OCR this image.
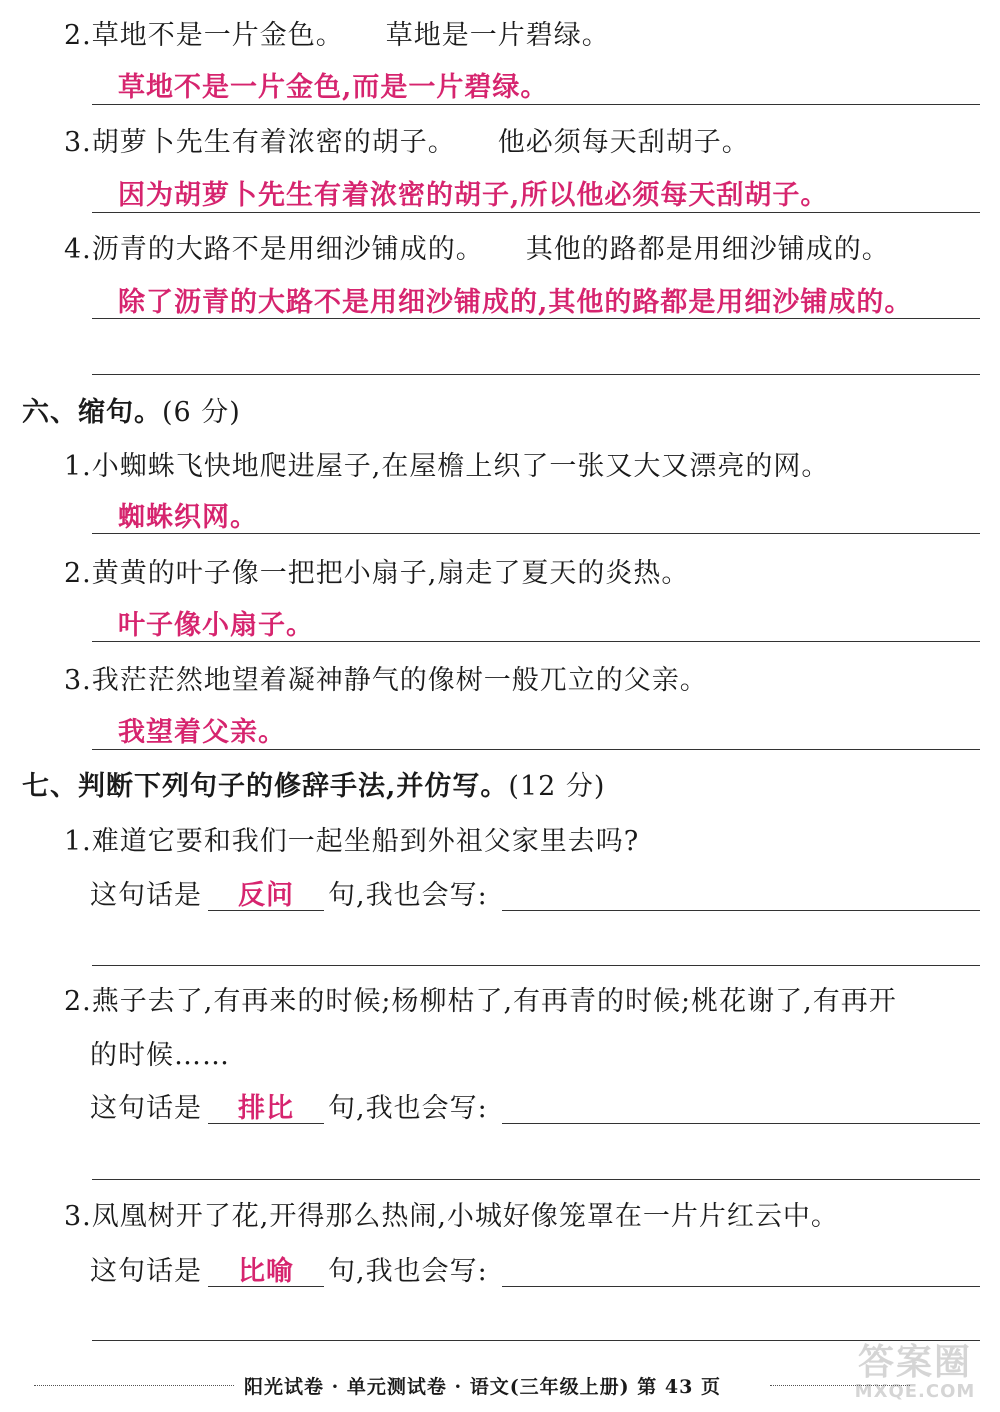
2.草地不是一片金色。 草地是一片碧绿。
草地不是一片金色,而是一片碧绿。
3.胡萝卜先生有着浓密的胡子。 他必须每天刮胡子。
因为胡萝卜先生有着浓密的胡子,所以他必须每天刮胡子。
4.沥青的大路不是用细沙铺成的。 其他的路都是用细沙铺成的。
除了沥青的大路不是用细沙铺成的,其他的路都是用细沙铺成的。
六、缩句。(6 分)
1.小蜘蛛飞快地爬进屋子,在屋檐上织了一张又大又漂亮的网。
蜘蛛织网。
2.黄黄的叶子像一把把小扇子,扇走了夏天的炎热。
叶子像小扇子。
3.我茫茫然地望着凝神静气的像树一般兀立的父亲。
我望着父亲。
七、判断下列句子的修辞手法,并仿写。(12 分)
1.难道它要和我们一起坐船到外祖父家里去吗?
这句话是	反问	句,我也会写:
2.燕子去了,有再来的时候;杨柳枯了,有再青的时候;桃花谢了,有再开
的时候……
这句话是	排比	句,我也会写:
3.凤凰树开了花,开得那么热闹,小城好像笼罩在一片片红云中。
这句话是	比喻	句,我也会写:
阳光试卷 · 单元测试卷 · 语文(三年级上册) 第 43 页
答案圈
MXQE.COM
